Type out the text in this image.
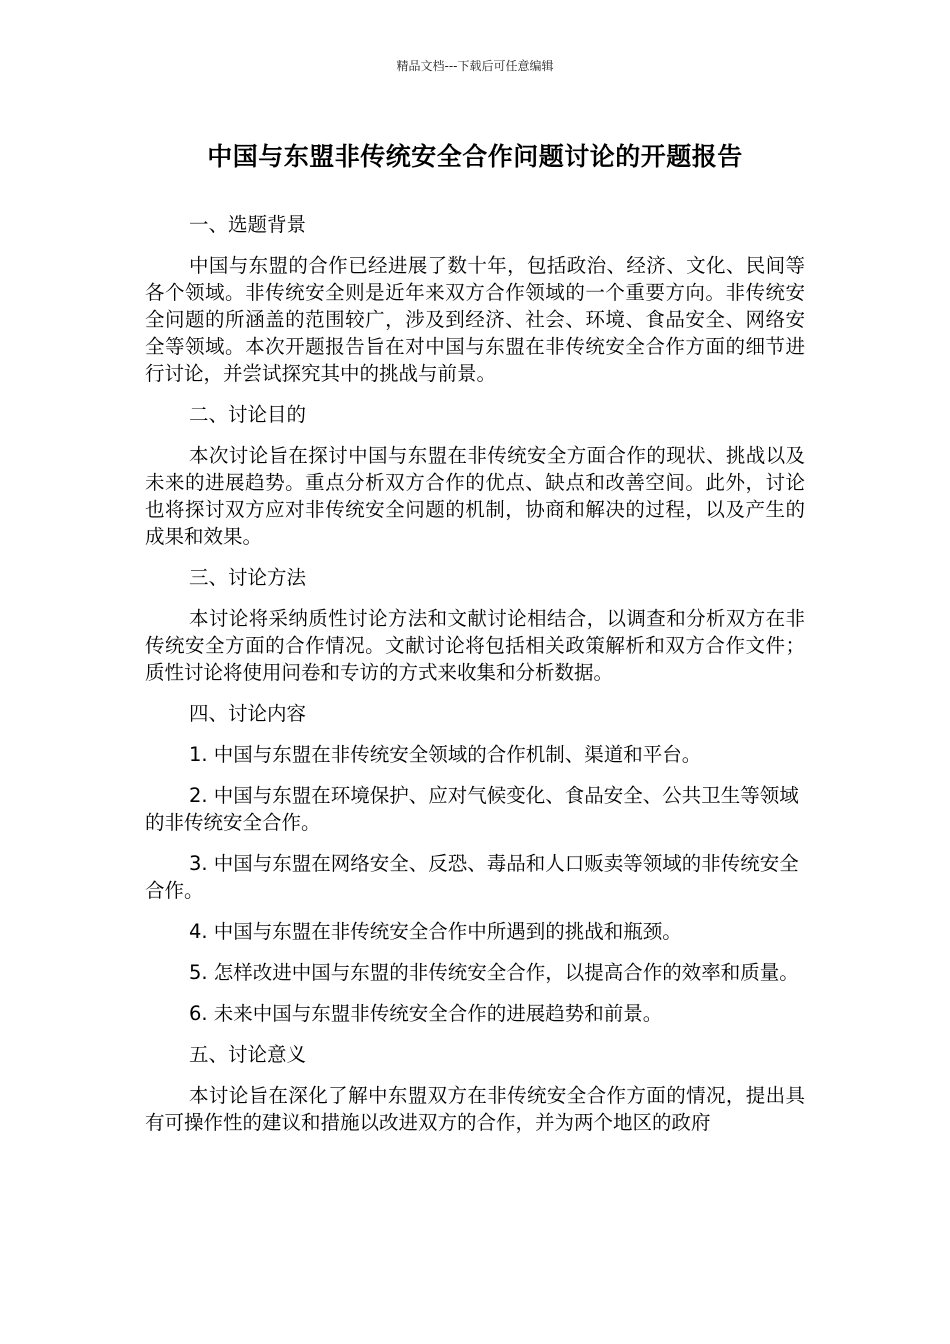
精品文档---下载后可任意编辑
中国与东盟非传统安全合作问题讨论的开题报告
一、选题背景
中国与东盟的合作已经进展了数十年，包括政治、经济、文化、民间等各个领域。非传统安全则是近年来双方合作领域的一个重要方向。非传统安全问题的所涵盖的范围较广，涉及到经济、社会、环境、食品安全、网络安全等领域。本次开题报告旨在对中国与东盟在非传统安全合作方面的细节进行讨论，并尝试探究其中的挑战与前景。
二、讨论目的
本次讨论旨在探讨中国与东盟在非传统安全方面合作的现状、挑战以及未来的进展趋势。重点分析双方合作的优点、缺点和改善空间。此外，讨论也将探讨双方应对非传统安全问题的机制，协商和解决的过程，以及产生的成果和效果。
三、讨论方法
本讨论将采纳质性讨论方法和文献讨论相结合，以调查和分析双方在非传统安全方面的合作情况。文献讨论将包括相关政策解析和双方合作文件；质性讨论将使用问卷和专访的方式来收集和分析数据。
四、讨论内容
1. 中国与东盟在非传统安全领域的合作机制、渠道和平台。
2. 中国与东盟在环境保护、应对气候变化、食品安全、公共卫生等领域的非传统安全合作。
3. 中国与东盟在网络安全、反恐、毒品和人口贩卖等领域的非传统安全合作。
4. 中国与东盟在非传统安全合作中所遇到的挑战和瓶颈。
5. 怎样改进中国与东盟的非传统安全合作，以提高合作的效率和质量。
6. 未来中国与东盟非传统安全合作的进展趋势和前景。
五、讨论意义
本讨论旨在深化了解中东盟双方在非传统安全合作方面的情况，提出具有可操作性的建议和措施以改进双方的合作，并为两个地区的政府
